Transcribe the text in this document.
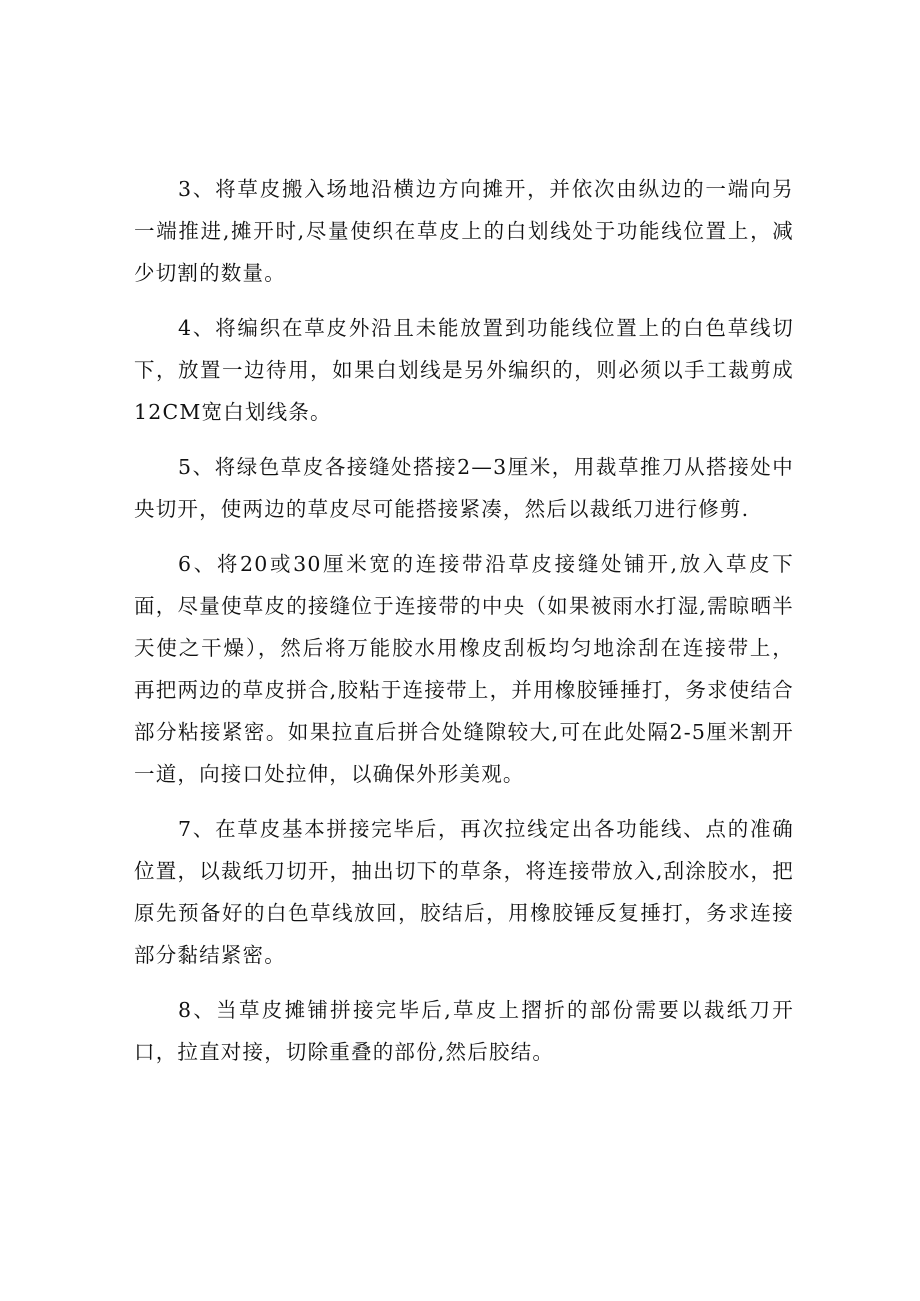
3、将草皮搬入场地沿横边方向摊开，并依次由纵边的一端向另一端推进,摊开时,尽量使织在草皮上的白划线处于功能线位置上，减少切割的数量。

4、将编织在草皮外沿且未能放置到功能线位置上的白色草线切下，放置一边待用，如果白划线是另外编织的，则必须以手工裁剪成12CM宽白划线条。

5、将绿色草皮各接缝处搭接2—3厘米，用裁草推刀从搭接处中央切开，使两边的草皮尽可能搭接紧凑，然后以裁纸刀进行修剪.

6、将20或30厘米宽的连接带沿草皮接缝处铺开,放入草皮下面，尽量使草皮的接缝位于连接带的中央（如果被雨水打湿,需晾晒半天使之干燥），然后将万能胶水用橡皮刮板均匀地涂刮在连接带上，再把两边的草皮拼合,胶粘于连接带上，并用橡胶锤捶打，务求使结合部分粘接紧密。如果拉直后拼合处缝隙较大,可在此处隔2-5厘米割开一道，向接口处拉伸，以确保外形美观。

7、在草皮基本拼接完毕后，再次拉线定出各功能线、点的准确位置，以裁纸刀切开，抽出切下的草条，将连接带放入,刮涂胶水，把原先预备好的白色草线放回，胶结后，用橡胶锤反复捶打，务求连接部分黏结紧密。

8、当草皮摊铺拼接完毕后,草皮上摺折的部份需要以裁纸刀开口，拉直对接，切除重叠的部份,然后胶结。
